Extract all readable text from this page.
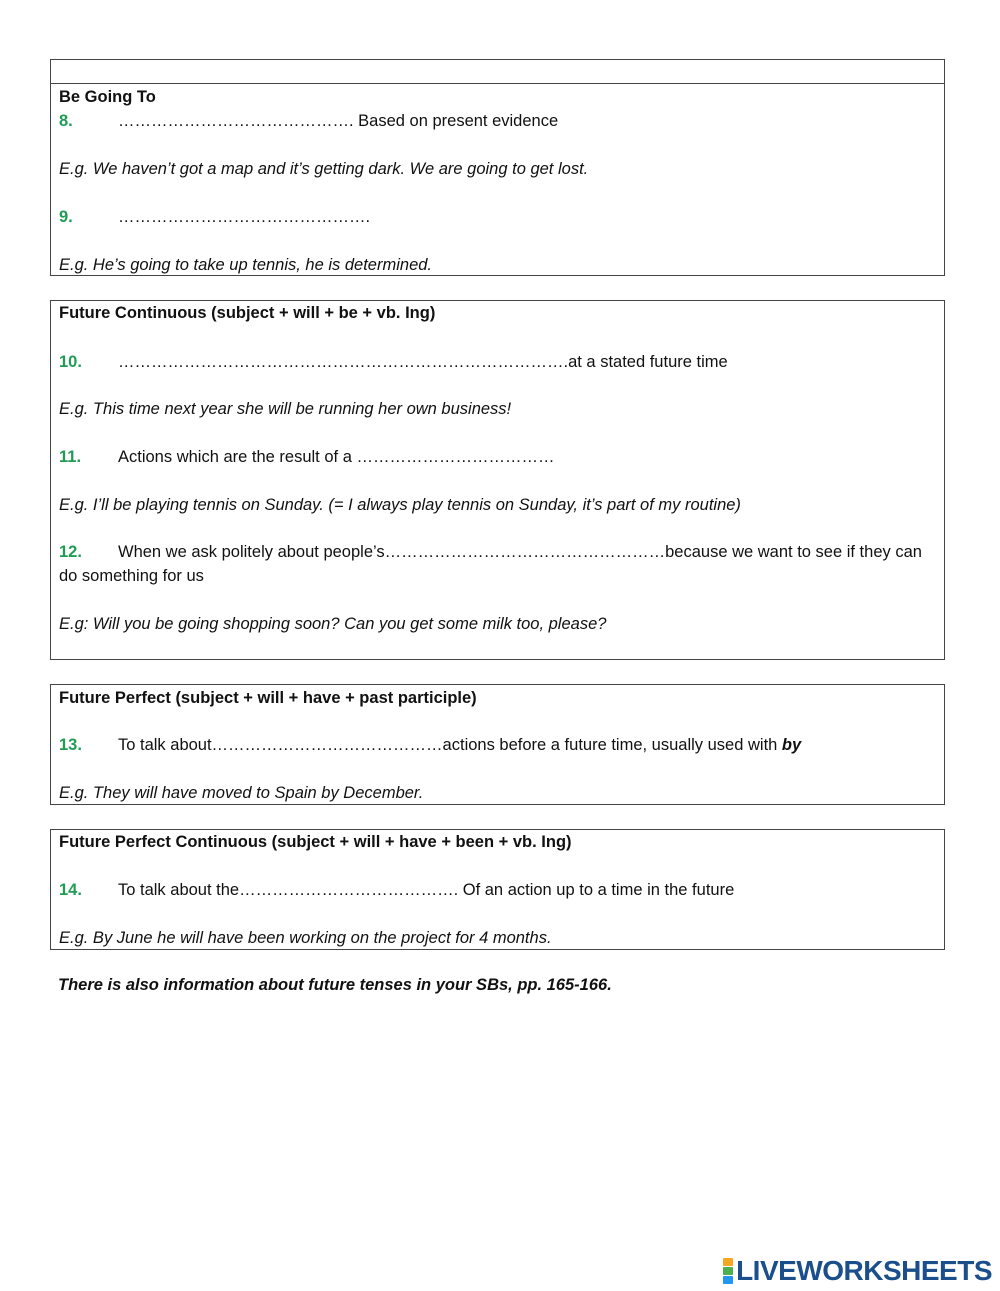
Be Going To
8.	……………………………………. Based on present evidence
E.g. We haven’t got a map and it’s getting dark. We are going to get lost.
9.	……………………………………….
E.g. He’s going to take up tennis, he is determined.
Future Continuous (subject + will + be + vb. Ing)
10. ……………………………………………………………………….at a stated future time
E.g. This time next year she will be running her own business!
11. Actions which are the result of a ………………………………
E.g. I’ll be playing tennis on Sunday. (= I always play tennis on Sunday, it’s part of my routine)
12. When we ask politely about people’s……………………………………………because we want to see if they can
do something for us
E.g: Will you be going shopping soon? Can you get some milk too, please?
Future Perfect (subject + will + have + past participle)
13. To talk about……………………………………actions before a future time, usually used with by
E.g. They will have moved to Spain by December.
Future Perfect Continuous (subject + will + have + been + vb. Ing)
14. To talk about the…………………………………. Of an action up to a time in the future
E.g. By June he will have been working on the project for 4 months.
There is also information about future tenses in your SBs, pp. 165-166.
LIVEWORKSHEETS
